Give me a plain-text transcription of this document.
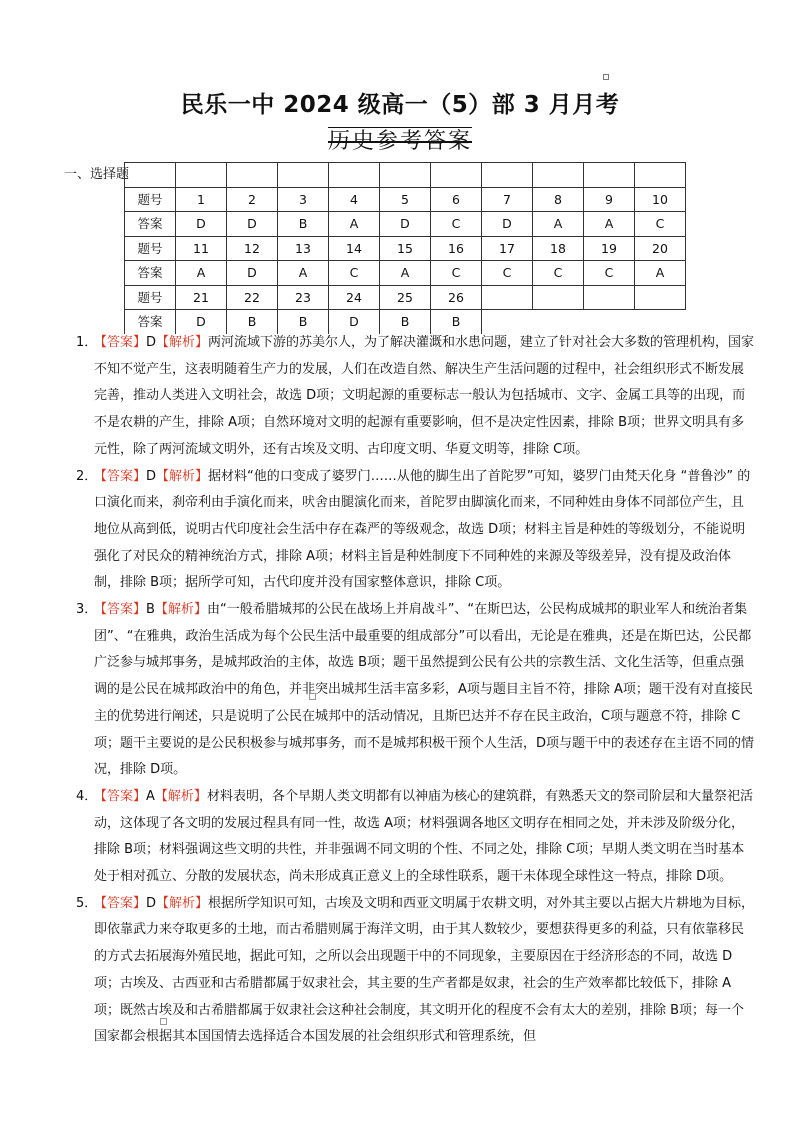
民乐一中 2024 级高一（5）部 3 月月考
历史参考答案
一、选择题

题号	1	2	3	4	5	6	7	8	9	10
答案	D	D	B	A	D	C	D	A	A	C
题号	11	12	13	14	15	16	17	18	19	20
答案	A	D	A	C	A	C	C	C	C	A
题号	21	22	23	24	25	26				
答案	D	B	B	D	B	B				

1．
【答案】D【解析】两河流域下游的苏美尔人，为了解决灌溉和水患问题，建立了针对社会大多数的管理机构，国家不知不觉产生，这表明随着生产力的发展，人们在改造自然、解决生产生活问题的过程中，社会组织形式不断发展完善，推动人类进入文明社会，故选 D项；文明起源的重要标志一般认为包括城市、文字、金属工具等的出现，而不是农耕的产生，排除 A项；自然环境对文明的起源有重要影响，但不是决定性因素，排除 B项；世界文明具有多元性，除了两河流域文明外，还有古埃及文明、古印度文明、华夏文明等，排除 C项。

2．
【答案】D【解析】据材料“他的口变成了婆罗门……从他的脚生出了首陀罗”可知，婆罗门由梵天化身 “普鲁沙” 的口演化而来，刹帝利由手演化而来，吠舍由腿演化而来，首陀罗由脚演化而来，不同种姓由身体不同部位产生，且地位从高到低，说明古代印度社会生活中存在森严的等级观念，故选 D项；材料主旨是种姓的等级划分，不能说明强化了对民众的精神统治方式，排除 A项；材料主旨是种姓制度下不同种姓的来源及等级差异，没有提及政治体制，排除 B项；据所学可知，古代印度并没有国家整体意识，排除 C项。

3．
【答案】B【解析】由“一般希腊城邦的公民在战场上并肩战斗”、“在斯巴达，公民构成城邦的职业军人和统治者集团”、“在雅典，政治生活成为每个公民生活中最重要的组成部分”可以看出，无论是在雅典，还是在斯巴达，公民都广泛参与城邦事务，是城邦政治的主体，故选 B项；题干虽然提到公民有公共的宗教生活、文化生活等，但重点强调的是公民在城邦政治中的角色，并非突出城邦生活丰富多彩，A项与题目主旨不符，排除 A项；题干没有对直接民主的优势进行阐述，只是说明了公民在城邦中的活动情况，且斯巴达并不存在民主政治，C项与题意不符，排除 C项；题干主要说的是公民积极参与城邦事务，而不是城邦积极干预个人生活，D项与题干中的表述存在主语不同的情况，排除 D项。

4．
【答案】A【解析】材料表明，各个早期人类文明都有以神庙为核心的建筑群，有熟悉天文的祭司阶层和大量祭祀活动，这体现了各文明的发展过程具有同一性，故选 A项；材料强调各地区文明存在相同之处，并未涉及阶级分化，排除 B项；材料强调这些文明的共性，并非强调不同文明的个性、不同之处，排除 C项；早期人类文明在当时基本处于相对孤立、分散的发展状态，尚未形成真正意义上的全球性联系，题干未体现全球性这一特点，排除 D项。

5．
【答案】D【解析】根据所学知识可知，古埃及文明和西亚文明属于农耕文明，对外其主要以占据大片耕地为目标，即依靠武力来夺取更多的土地，而古希腊则属于海洋文明，由于其人数较少，要想获得更多的利益，只有依靠移民的方式去拓展海外殖民地，据此可知，之所以会出现题干中的不同现象，主要原因在于经济形态的不同，故选 D项；古埃及、古西亚和古希腊都属于奴隶社会，其主要的生产者都是奴隶，社会的生产效率都比较低下，排除 A项；既然古埃及和古希腊都属于奴隶社会这种社会制度，其文明开化的程度不会有太大的差别，排除 B项；每一个国家都会根据其本国国情去选择适合本国发展的社会组织形式和管理系统，但
